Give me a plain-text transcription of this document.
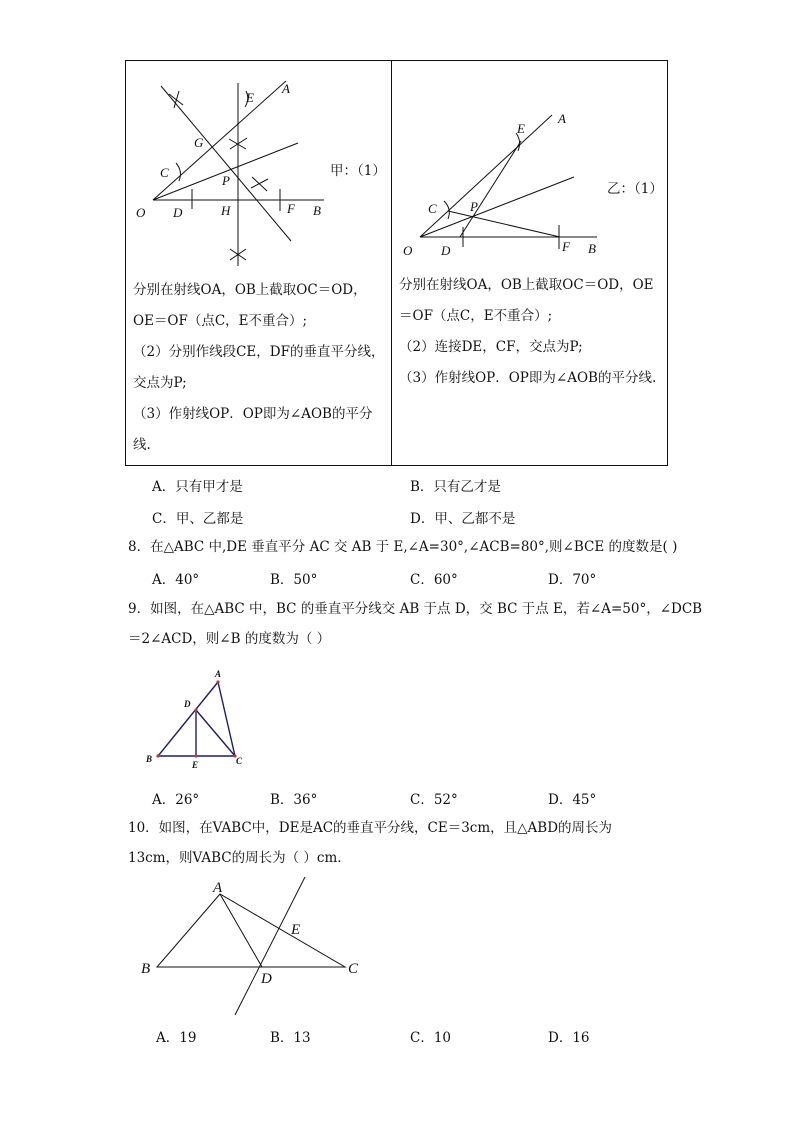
A
E
G
C
P
O D	H	F B
甲：（1）
分别在射线OA，OB上截取OC＝OD，OE＝OF（点C，E不重合）;
（2）分别作线段CE，DF的垂直平分线，交点为P;
（3）作射线OP．OP即为∠AOB的平分线.
A
E
C	P
O D	F B
乙：（1）
分别在射线OA，OB上截取OC＝OD，OE＝OF（点C，E不重合）;
（2）连接DE，CF，交点为P;
（3）作射线OP．OP即为∠AOB的平分线.
A．只有甲才是	B．只有乙才是
C．甲、乙都是	D．甲、乙都不是
8．在△ABC 中,DE 垂直平分 AC 交 AB 于 E,∠A=30°,∠ACB=80°,则∠BCE 的度数是( )
A．40°	B．50°	C．60°	D．70°
9．如图，在△ABC 中，BC 的垂直平分线交 AB 于点 D，交 BC 于点 E，若∠A=50°，∠DCB
＝2∠ACD，则∠B 的度数为（ ）
A
D
B
E	C
A．26°	B．36°	C．52°	D．45°
10．如图，在VABC中，DE是AC的垂直平分线，CE＝3cm，且△ABD的周长为
13cm，则VABC的周长为（ ）cm．
A
E
B
D
C
A．19	B．13	C．10	D．16
